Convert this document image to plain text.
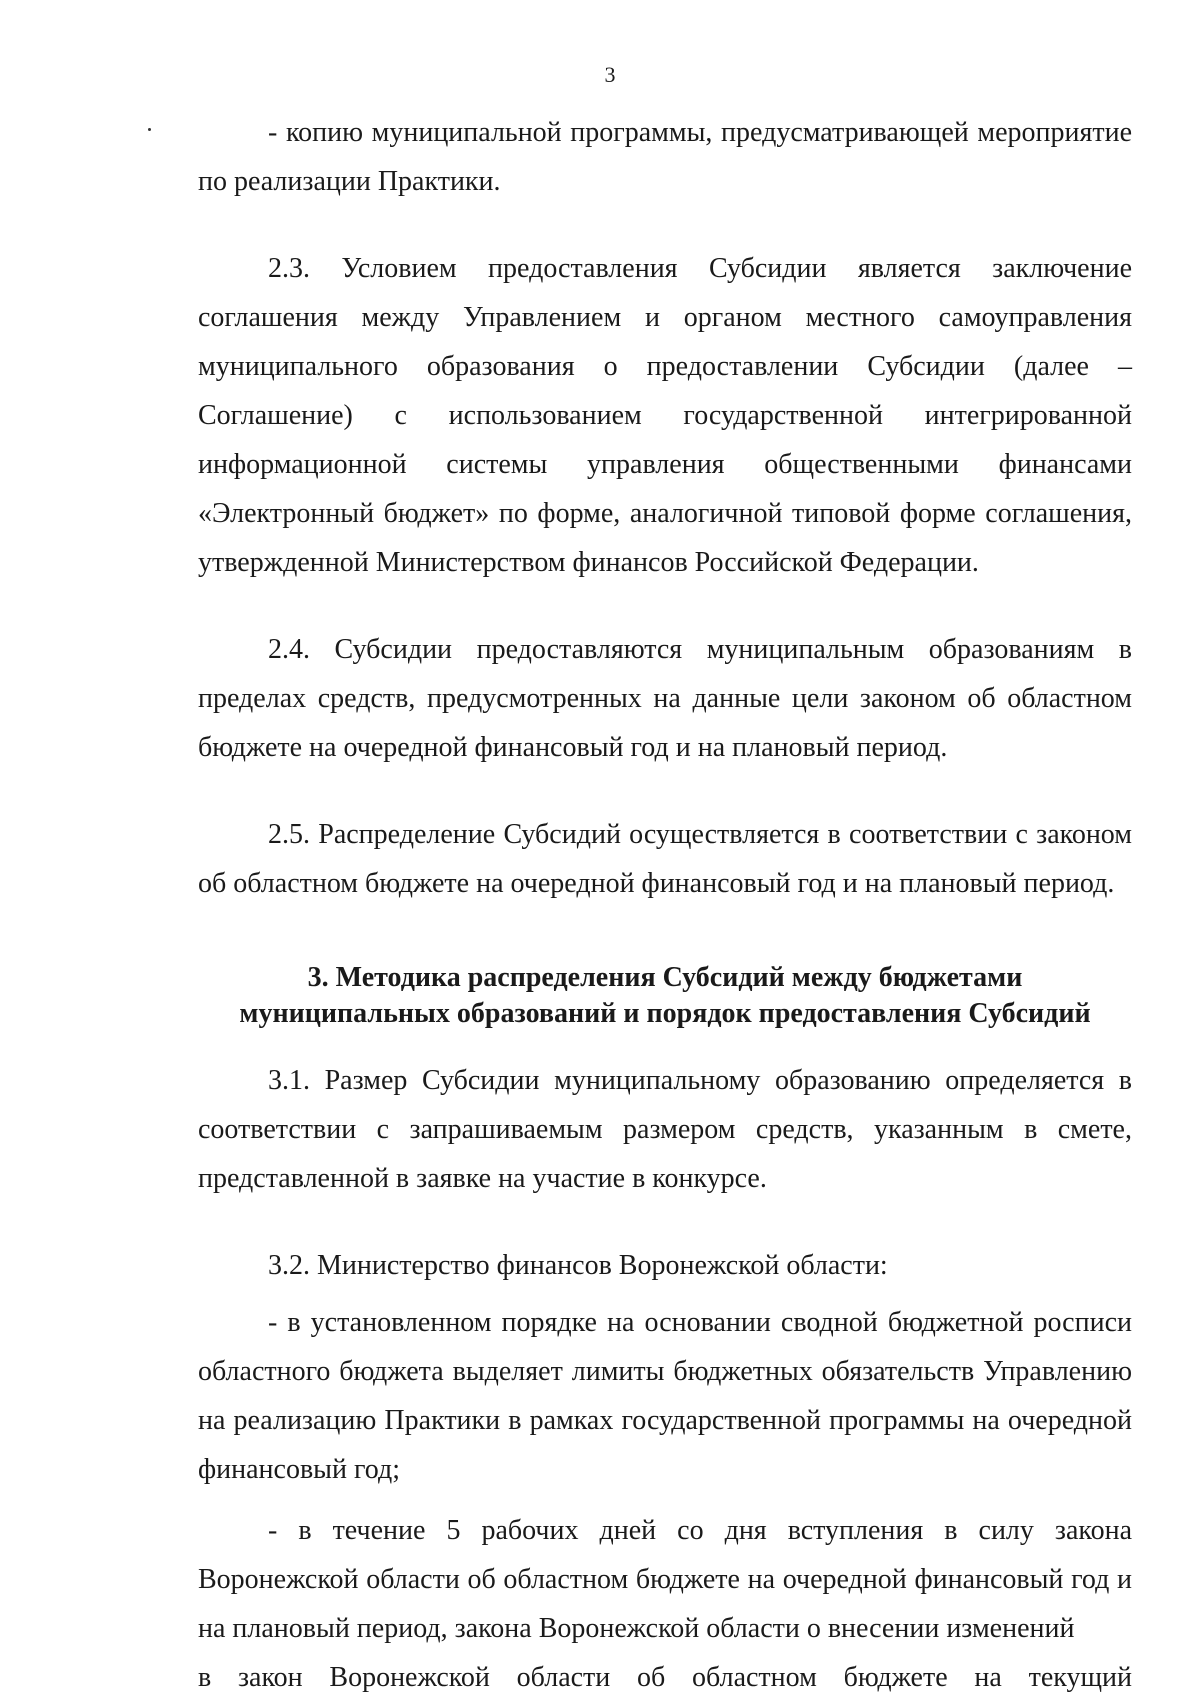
3

- копию муниципальной программы, предусматривающей мероприятие по реализации Практики.

2.3. Условием предоставления Субсидии является заключение соглашения между Управлением и органом местного самоуправления муниципального образования о предоставлении Субсидии (далее – Соглашение) с использованием государственной интегрированной информационной системы управления общественными финансами «Электронный бюджет» по форме, аналогичной типовой форме соглашения, утвержденной Министерством финансов Российской Федерации.

2.4. Субсидии предоставляются муниципальным образованиям в пределах средств, предусмотренных на данные цели законом об областном бюджете на очередной финансовый год и на плановый период.

2.5. Распределение Субсидий осуществляется в соответствии с законом об областном бюджете на очередной финансовый год и на плановый период.

3. Методика распределения Субсидий между бюджетами
муниципальных образований и порядок предоставления Субсидий

3.1. Размер Субсидии муниципальному образованию определяется в соответствии с запрашиваемым размером средств, указанным в смете, представленной в заявке на участие в конкурсе.

3.2. Министерство финансов Воронежской области:

- в установленном порядке на основании сводной бюджетной росписи областного бюджета выделяет лимиты бюджетных обязательств Управлению на реализацию Практики в рамках государственной программы на очередной финансовый год;

- в течение 5 рабочих дней со дня вступления в силу закона Воронежской области об областном бюджете на очередной финансовый год и на плановый период, закона Воронежской области о внесении изменений

в закон Воронежской области об областном бюджете на текущий
